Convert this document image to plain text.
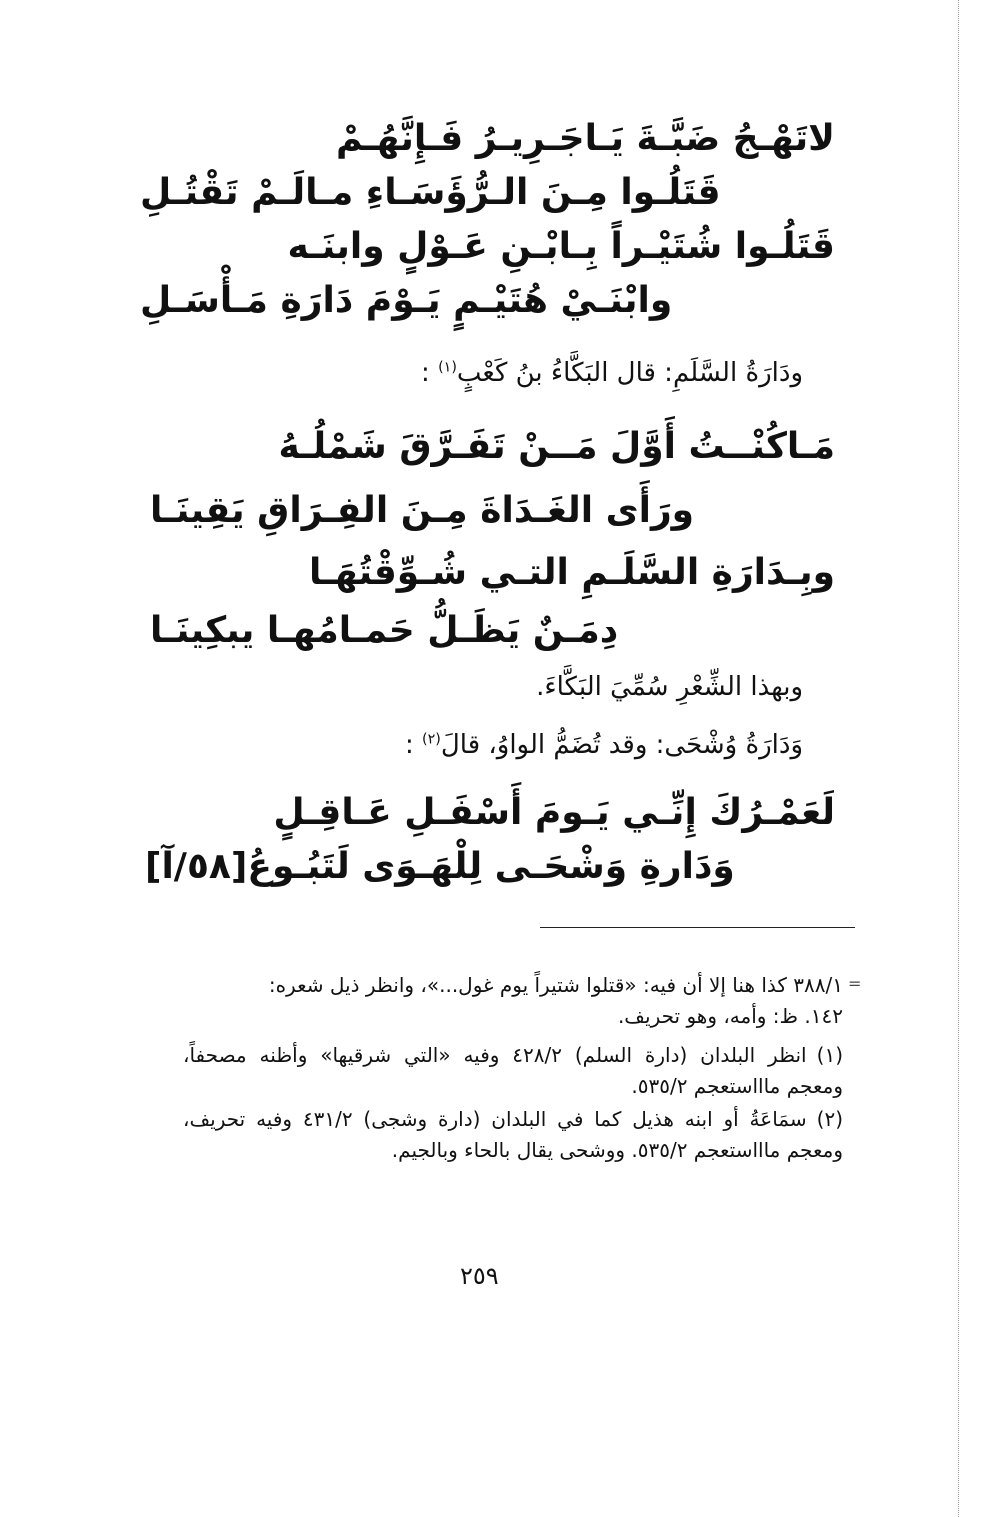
لاتَهْـجُ ضَبَّـةَ يَـاجَـرِيـرُ فَـإِنَّهُـمْ
قَتَلُـوا مِـنَ الـرُّؤَسَـاءِ مـالَـمْ تَقْتُـلِ
قَتَلُـوا شُتَيْـراً بِـابْـنِ عَـوْلٍ وابنَـه
وابْنَـيْ هُتَيْـمٍ يَـوْمَ دَارَةِ مَـأْسَـلِ
ودَارَةُ السَّلَمِ: قال البَكَّاءُ بنُ كَعْبٍ$^{(١)}$ :
مَـاكُنْــتُ أَوَّلَ مَــنْ تَفَـرَّقَ شَمْلُـهُ
ورَأَى الغَـدَاةَ مِـنَ الفِـرَاقِ يَقِينَـا
وبِـدَارَةِ السَّلَـمِ التـي شُـوِّقْتُهَـا
دِمَـنٌ يَظَـلُّ حَمـامُهـا يبكِينَـا
وبهذا الشِّعْرِ سُمِّيَ البَكَّاءَ.
وَدَارَةُ وُشْحَى: وقد تُضَمُّ الواوُ، قالَ$^{(٢)}$ :
لَعَمْـرُكَ إِنِّـي يَـومَ أَسْفَـلِ عَـاقِـلٍ
وَدَارةِ وَشْحَـى لِلْهَـوَى لَتَبُـوعُ[٥٨/آ]
=
٣٨٨/١ كذا هنا إلا أن فيه: «قتلوا شتيراً يوم غول...»، وانظر ذيل شعره:
١٤٢. ظ: وأمه، وهو تحريف.
(١)انظر البلدان (دارة السلم) ٤٢٨/٢ وفيه «التي شرقيها» وأظنه مصحفاً، ومعجم ماااستعجم ٥٣٥/٢.
(٢)سمَاعَةُ أو ابنه هذيل كما في البلدان (دارة وشجى) ٤٣١/٢ وفيه تحريف، ومعجم ماااستعجم ٥٣٥/٢. ووشحى يقال بالحاء وبالجيم.
٢٥٩
